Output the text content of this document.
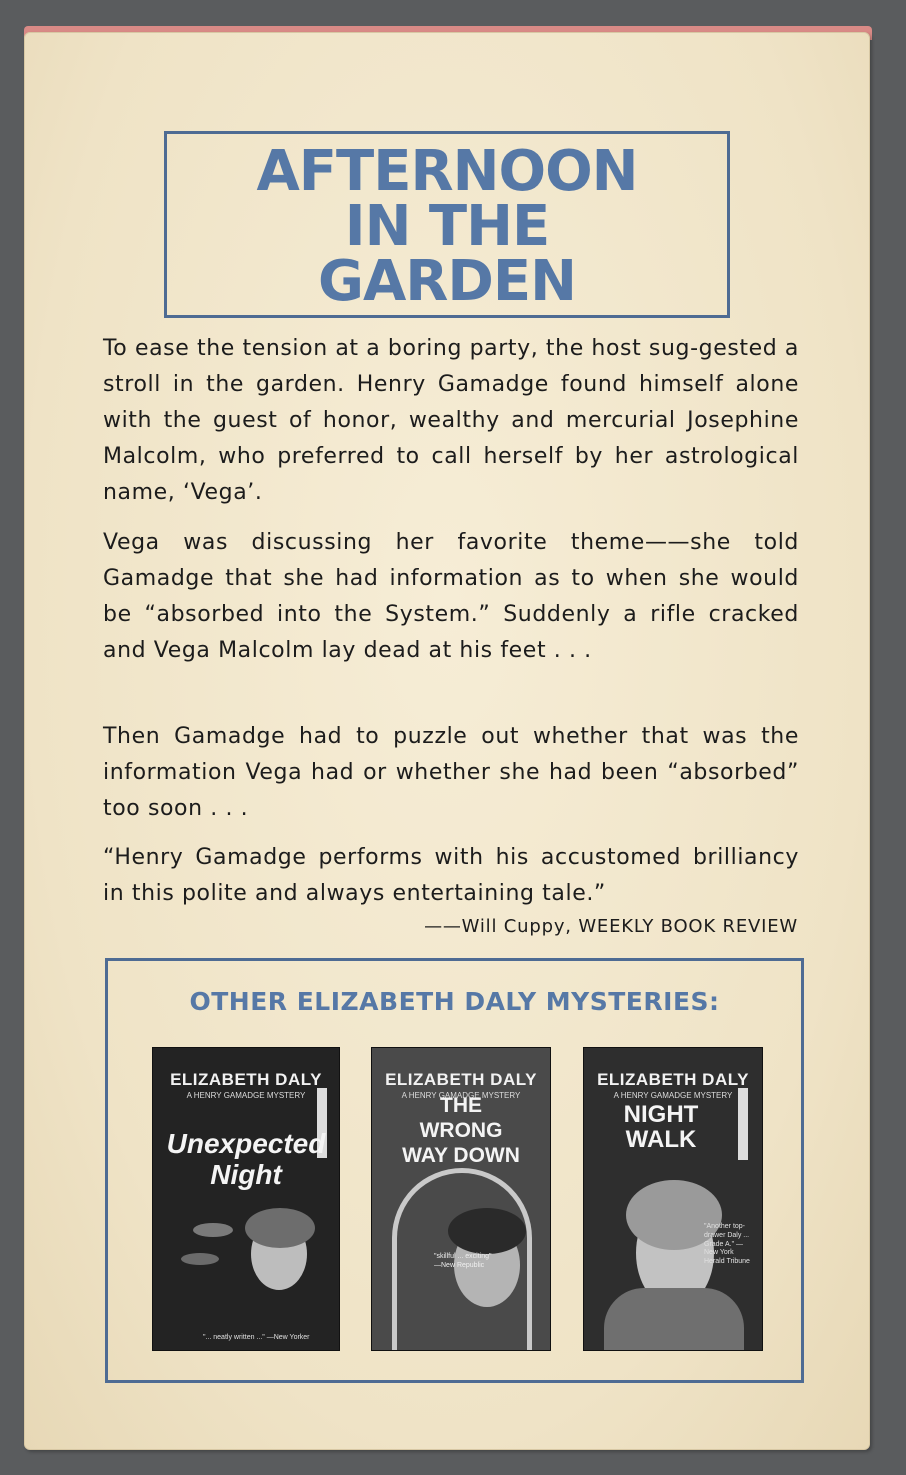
AFTERNOON
IN THE
GARDEN
To ease the tension at a boring party, the host sug-gested a stroll in the garden. Henry Gamadge found himself alone with the guest of honor, wealthy and mercurial Josephine Malcolm, who preferred to call herself by her astrological name, ‘Vega’.
Vega was discussing her favorite theme——she told Gamadge that she had information as to when she would be “absorbed into the System.” Suddenly a rifle cracked and Vega Malcolm lay dead at his feet . . .
Then Gamadge had to puzzle out whether that was the information Vega had or whether she had been “absorbed” too soon . . .
“Henry Gamadge performs with his accustomed brilliancy in this polite and always entertaining tale.”
——Will Cuppy, WEEKLY BOOK REVIEW
OTHER ELIZABETH DALY MYSTERIES:
ELIZABETH DALY
A HENRY GAMADGE MYSTERY
Unexpected
Night
"... neatly written ..." —New Yorker
ELIZABETH DALY
A HENRY GAMADGE MYSTERY
THE
WRONG
WAY DOWN
"skillful ... exciting" —New Republic
ELIZABETH DALY
A HENRY GAMADGE MYSTERY
NIGHT
WALK
"Another top-drawer Daly ... Grade A." —New York Herald Tribune
